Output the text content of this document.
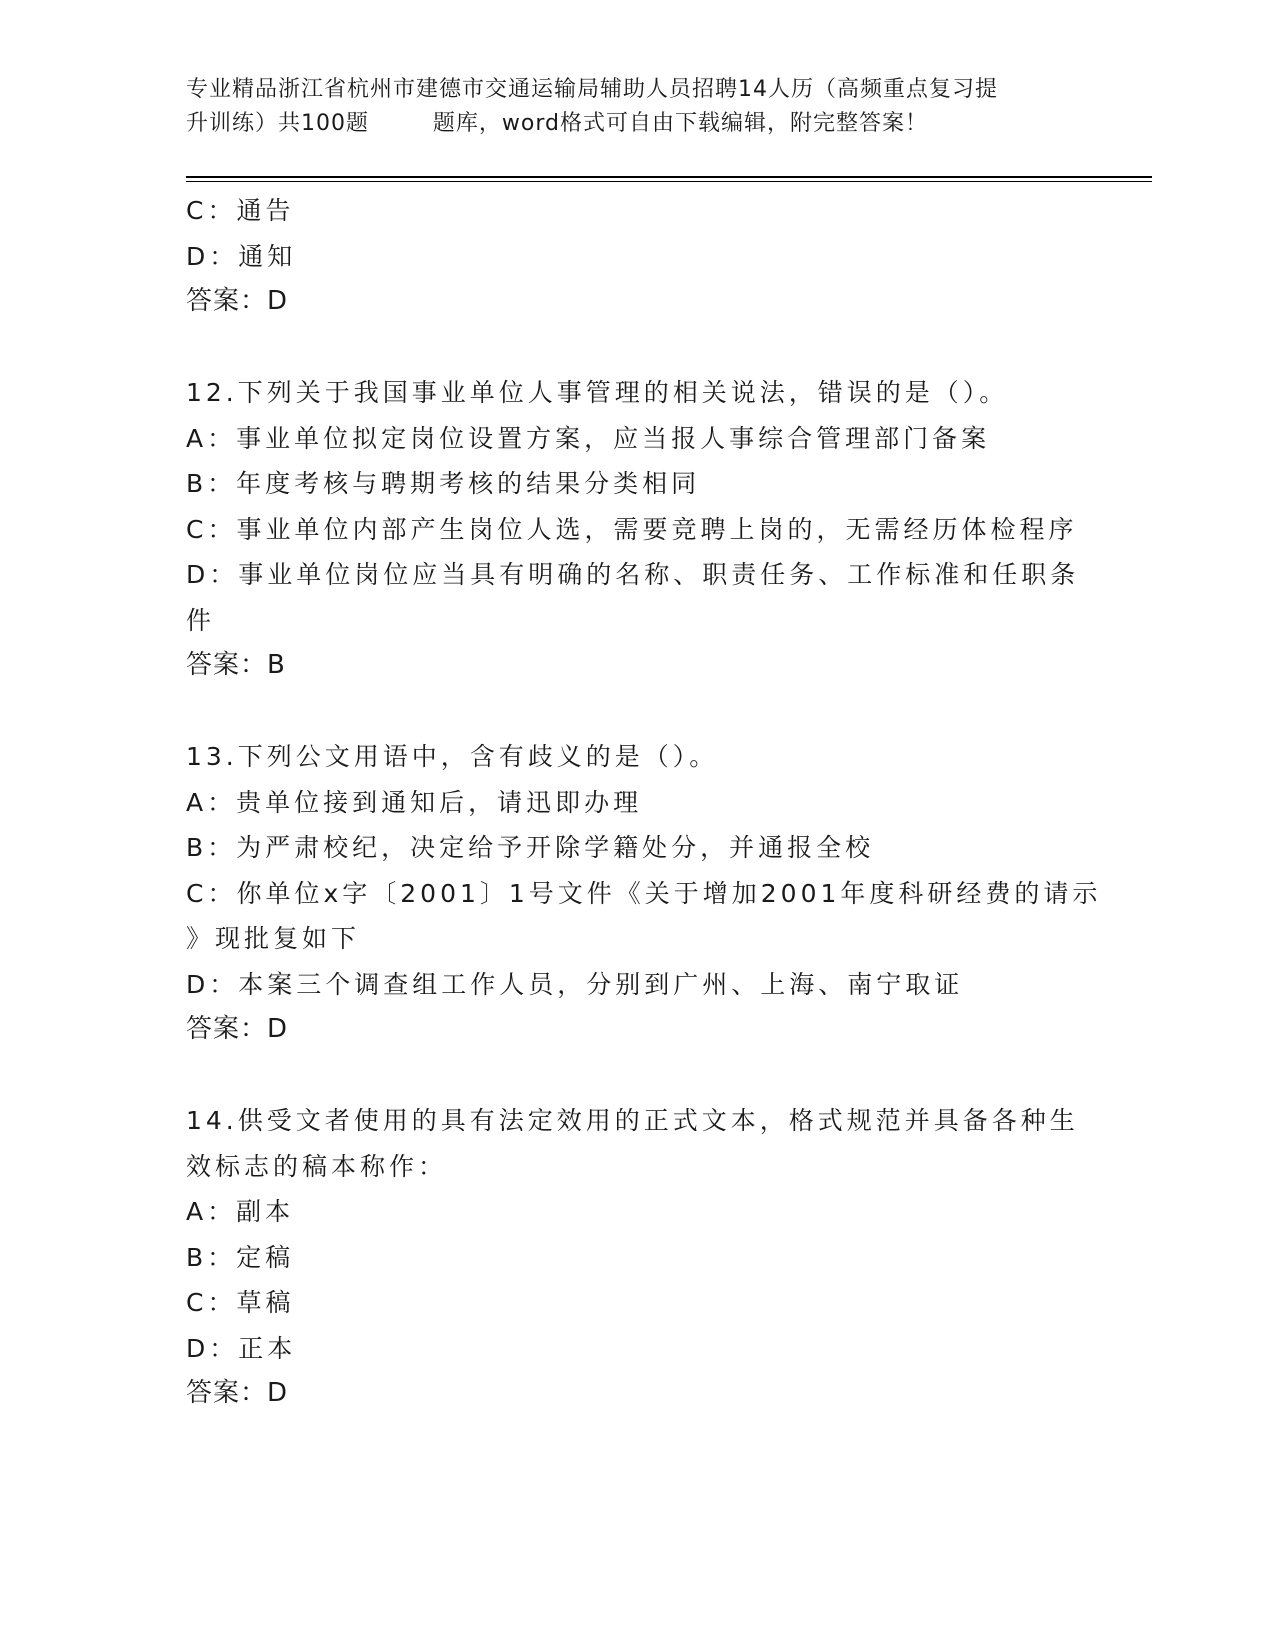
专业精品浙江省杭州市建德市交通运输局辅助人员招聘14人历（高频重点复习提
升训练）共100题        题库，word格式可自由下载编辑，附完整答案！
C：通告
D：通知
答案：D
12.下列关于我国事业单位人事管理的相关说法，错误的是（）。
A：事业单位拟定岗位设置方案，应当报人事综合管理部门备案
B：年度考核与聘期考核的结果分类相同
C：事业单位内部产生岗位人选，需要竞聘上岗的，无需经历体检程序
D：事业单位岗位应当具有明确的名称、职责任务、工作标准和任职条
件
答案：B
13.下列公文用语中，含有歧义的是（）。
A：贵单位接到通知后，请迅即办理
B：为严肃校纪，决定给予开除学籍处分，并通报全校
C：你单位x字〔2001〕1号文件《关于增加2001年度科研经费的请示
》现批复如下
D：本案三个调查组工作人员，分别到广州、上海、南宁取证
答案：D
14.供受文者使用的具有法定效用的正式文本，格式规范并具备各种生
效标志的稿本称作：
A：副本
B：定稿
C：草稿
D：正本
答案：D
